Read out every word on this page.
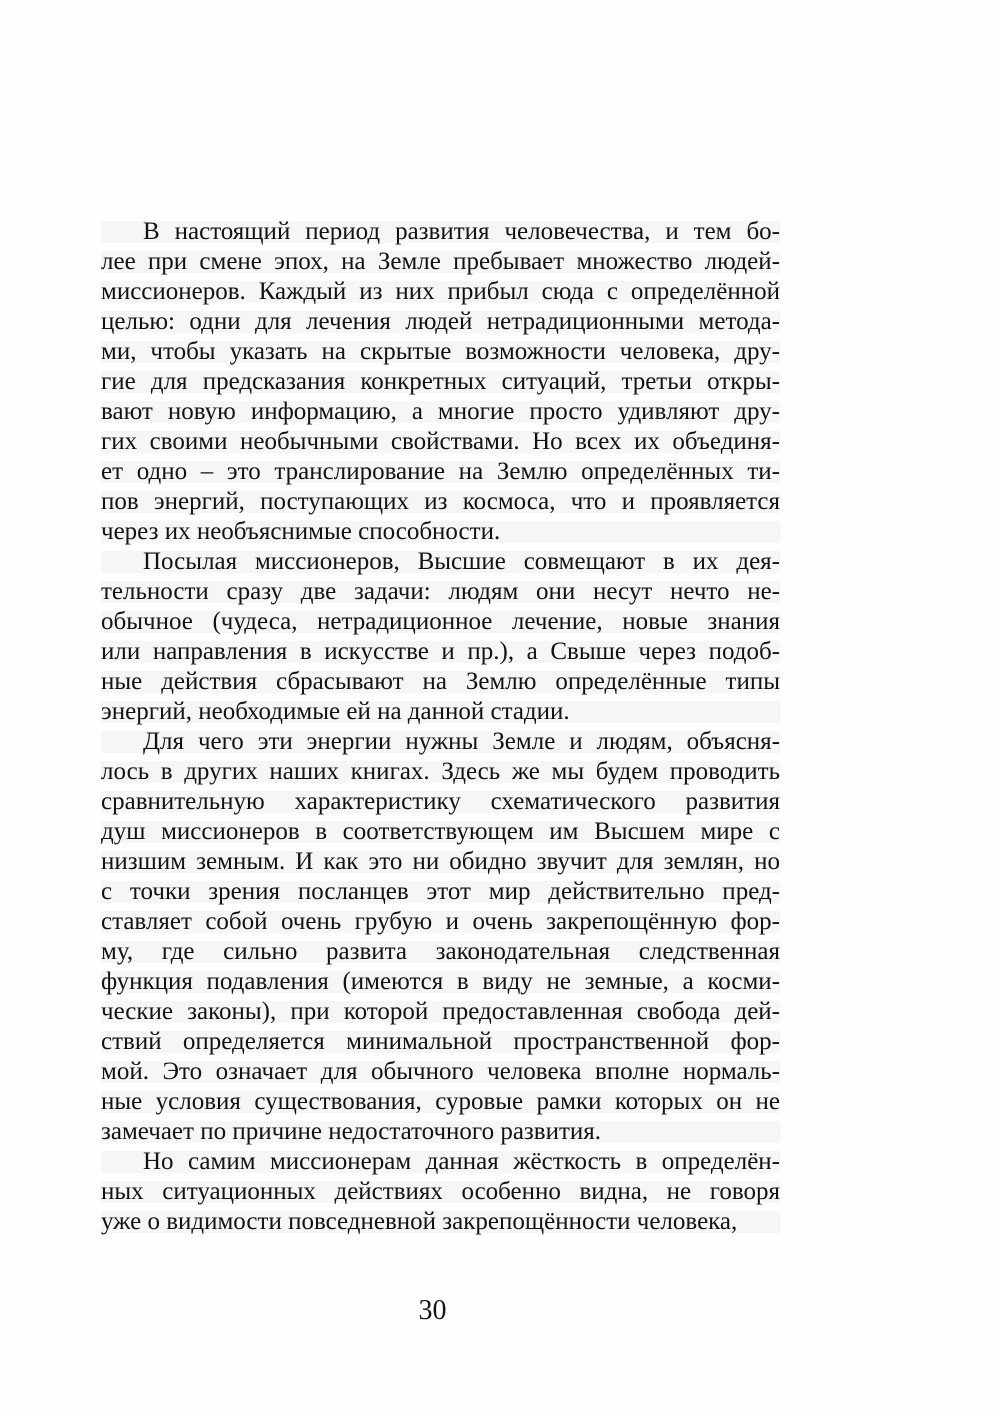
В настоящий период развития человечества, и тем бо-
лее при смене эпох, на Земле пребывает множество людей-
миссионеров. Каждый из них прибыл сюда с определённой
целью: одни для лечения людей нетрадиционными метода-
ми, чтобы указать на скрытые возможности человека, дру-
гие для предсказания конкретных ситуаций, третьи откры-
вают новую информацию, а многие просто удивляют дру-
гих своими необычными свойствами. Но всех их объединя-
ет одно – это транслирование на Землю определённых ти-
пов энергий, поступающих из космоса, что и проявляется
через их необъяснимые способности.
Посылая миссионеров, Высшие совмещают в их дея-
тельности сразу две задачи: людям они несут нечто не-
обычное (чудеса, нетрадиционное лечение, новые знания
или направления в искусстве и пр.), а Свыше через подоб-
ные действия сбрасывают на Землю определённые типы
энергий, необходимые ей на данной стадии.
Для чего эти энергии нужны Земле и людям, объясня-
лось в других наших книгах. Здесь же мы будем проводить
сравнительную характеристику схематического развития
душ миссионеров в соответствующем им Высшем мире с
низшим земным. И как это ни обидно звучит для землян, но
с точки зрения посланцев этот мир действительно пред-
ставляет собой очень грубую и очень закрепощённую фор-
му, где сильно развита законодательная следственная
функция подавления (имеются в виду не земные, а косми-
ческие законы), при которой предоставленная свобода дей-
ствий определяется минимальной пространственной фор-
мой. Это означает для обычного человека вполне нормаль-
ные условия существования, суровые рамки которых он не
замечает по причине недостаточного развития.
Но самим миссионерам данная жёсткость в определён-
ных ситуационных действиях особенно видна, не говоря
уже о видимости повседневной закрепощённости человека,
30
